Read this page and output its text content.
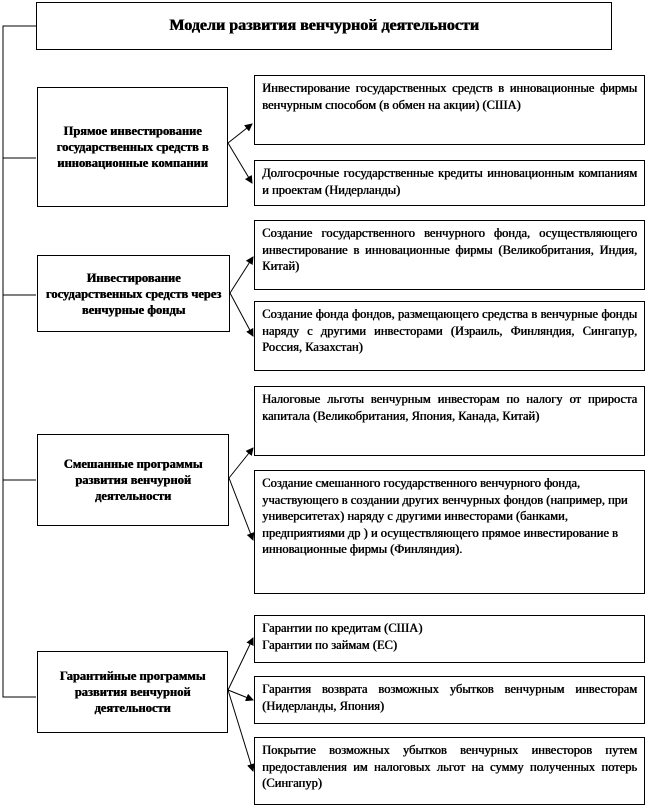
Модели развития венчурной деятельности
Прямое инвестирование государственных средств в инновационные компании
Инвестирование государственных средств в инновационные фирмы венчурным способом (в обмен на акции) (США)
Долгосрочные государственные кредиты инновационным компаниям и проектам (Нидерланды)
Инвестирование государственных средств через венчурные фонды
Создание государственного венчурного фонда, осуществляющего инвестирование в инновационные фирмы (Великобритания, Индия, Китай)
Создание фонда фондов, размещающего средства в венчурные фонды наряду с другими инвесторами (Израиль, Финляндия, Сингапур, Россия, Казахстан)
Смешанные программы развития венчурной деятельности
Налоговые льготы венчурным инвесторам по налогу от прироста капитала (Великобритания, Япония, Канада, Китай)
Создание смешанного государственного венчурного фонда, участвующего в создании других венчурных фондов (например, при университетах) наряду с другими инвесторами (банками, предприятиями др ) и осуществляющего прямое инвестирование в инновационные фирмы (Финляндия).
Гарантийные программы развития венчурной деятельности
Гарантии по кредитам (США)
Гарантии по займам (ЕС)
Гарантия возврата возможных убытков венчурным инвесторам (Нидерланды, Япония)
Покрытие возможных убытков венчурных инвесторов путем предоставления им налоговых льгот на сумму полученных потерь (Сингапур)
